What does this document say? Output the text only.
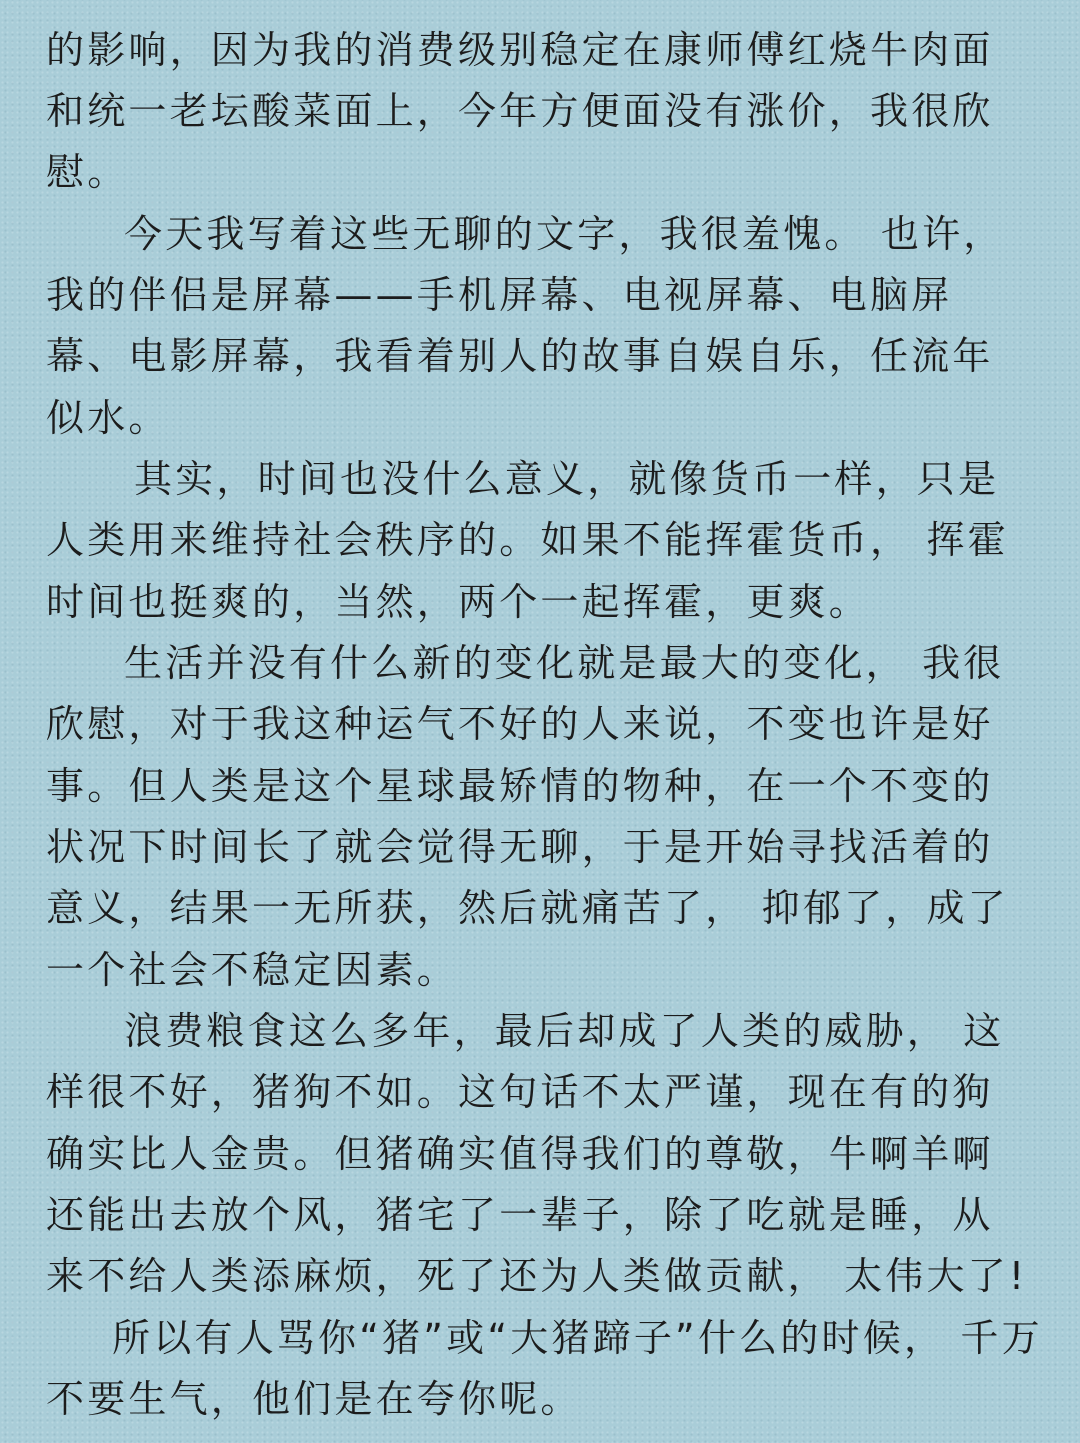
的影响，因为我的消费级别稳定在康师傅红烧牛肉面
和统一老坛酸菜面上，今年方便面没有涨价，我很欣
慰。
今天我写着这些无聊的文字，我很羞愧。 也许，
我的伴侣是屏幕——手机屏幕、电视屏幕、电脑屏
幕、电影屏幕，我看着别人的故事自娱自乐，任流年
似水。
其实，时间也没什么意义，就像货币一样，只是
人类用来维持社会秩序的。如果不能挥霍货币， 挥霍
时间也挺爽的，当然，两个一起挥霍，更爽。
生活并没有什么新的变化就是最大的变化， 我很
欣慰，对于我这种运气不好的人来说，不变也许是好
事。但人类是这个星球最矫情的物种，在一个不变的
状况下时间长了就会觉得无聊，于是开始寻找活着的
意义，结果一无所获，然后就痛苦了， 抑郁了，成了
一个社会不稳定因素。
浪费粮食这么多年，最后却成了人类的威胁， 这
样很不好，猪狗不如。这句话不太严谨，现在有的狗
确实比人金贵。但猪确实值得我们的尊敬，牛啊羊啊
还能出去放个风，猪宅了一辈子，除了吃就是睡，从
来不给人类添麻烦，死了还为人类做贡献， 太伟大了!
所以有人骂你“猪”或“大猪蹄子”什么的时候， 千万
不要生气，他们是在夸你呢。
